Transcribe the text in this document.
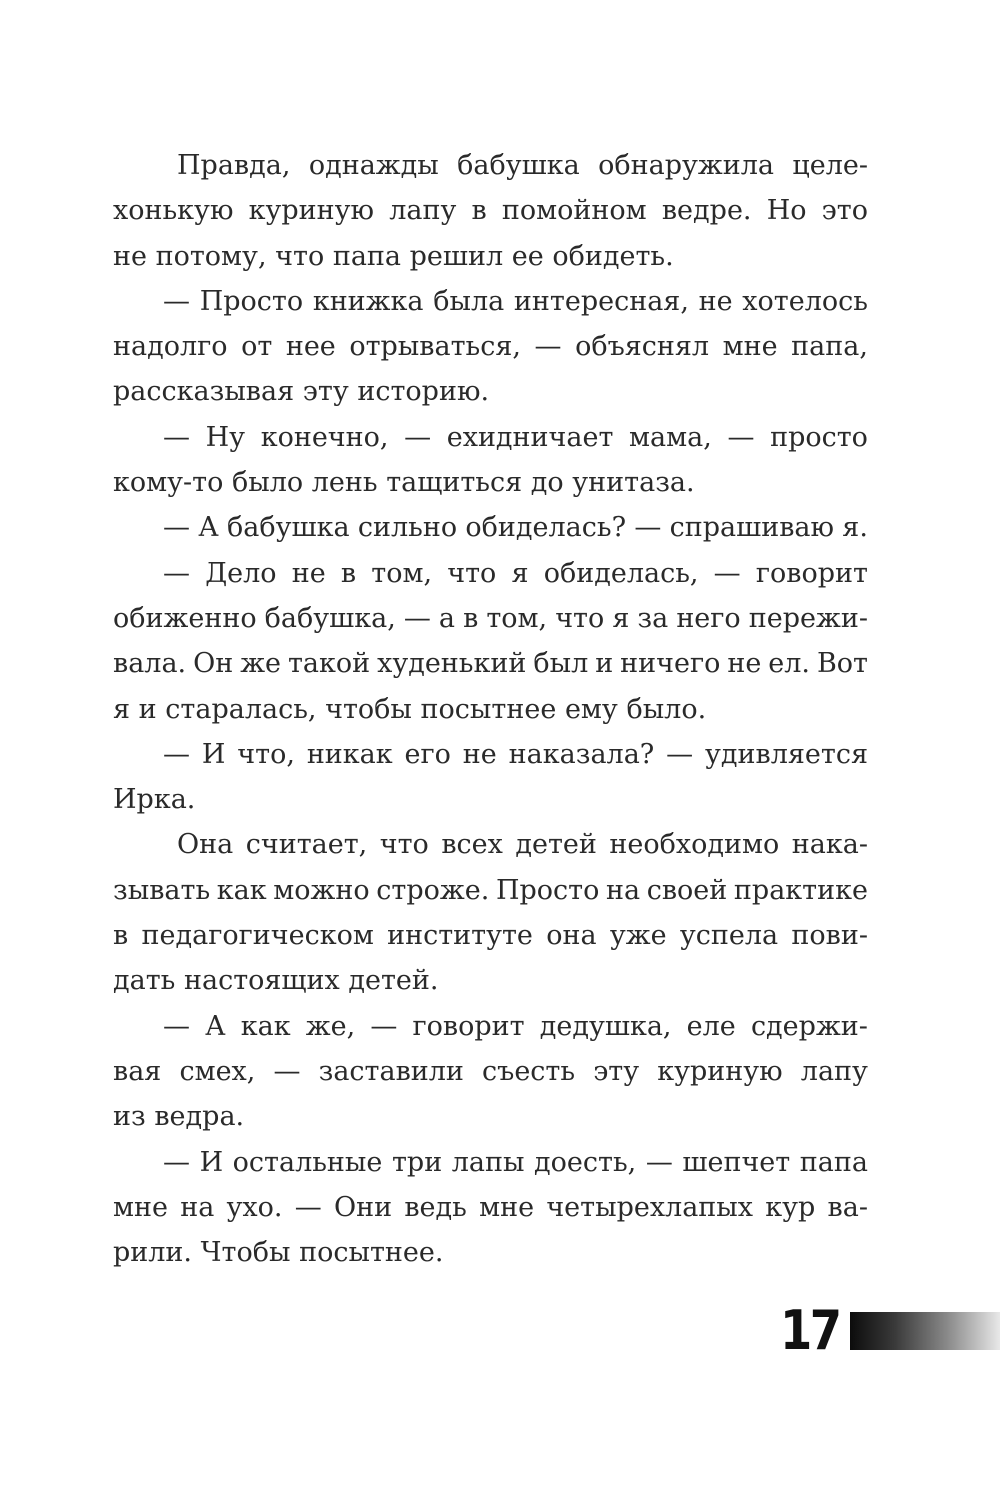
Правда, однажды бабушка обнаружила целе-
хонькую куриную лапу в помойном ведре. Но это
не потому, что папа решил ее обидеть.
— Просто книжка была интересная, не хотелось
надолго от нее отрываться, — объяснял мне папа,
рассказывая эту историю.
— Ну конечно, — ехидничает мама, — просто
кому-то было лень тащиться до унитаза.
— А бабушка сильно обиделась? — спрашиваю я.
— Дело не в том, что я обиделась, — говорит
обиженно бабушка, — а в том, что я за него пережи-
вала. Он же такой худенький был и ничего не ел. Вот
я и старалась, чтобы посытнее ему было.
— И что, никак его не наказала? — удивляется
Ирка.
Она считает, что всех детей необходимо нака-
зывать как можно строже. Просто на своей практике
в педагогическом институте она уже успела пови-
дать настоящих детей.
— А как же, — говорит дедушка, еле сдержи-
вая смех, — заставили съесть эту куриную лапу
из ведра.
— И остальные три лапы доесть, — шепчет папа
мне на ухо. — Они ведь мне четырехлапых кур ва-
рили. Чтобы посытнее.
17
